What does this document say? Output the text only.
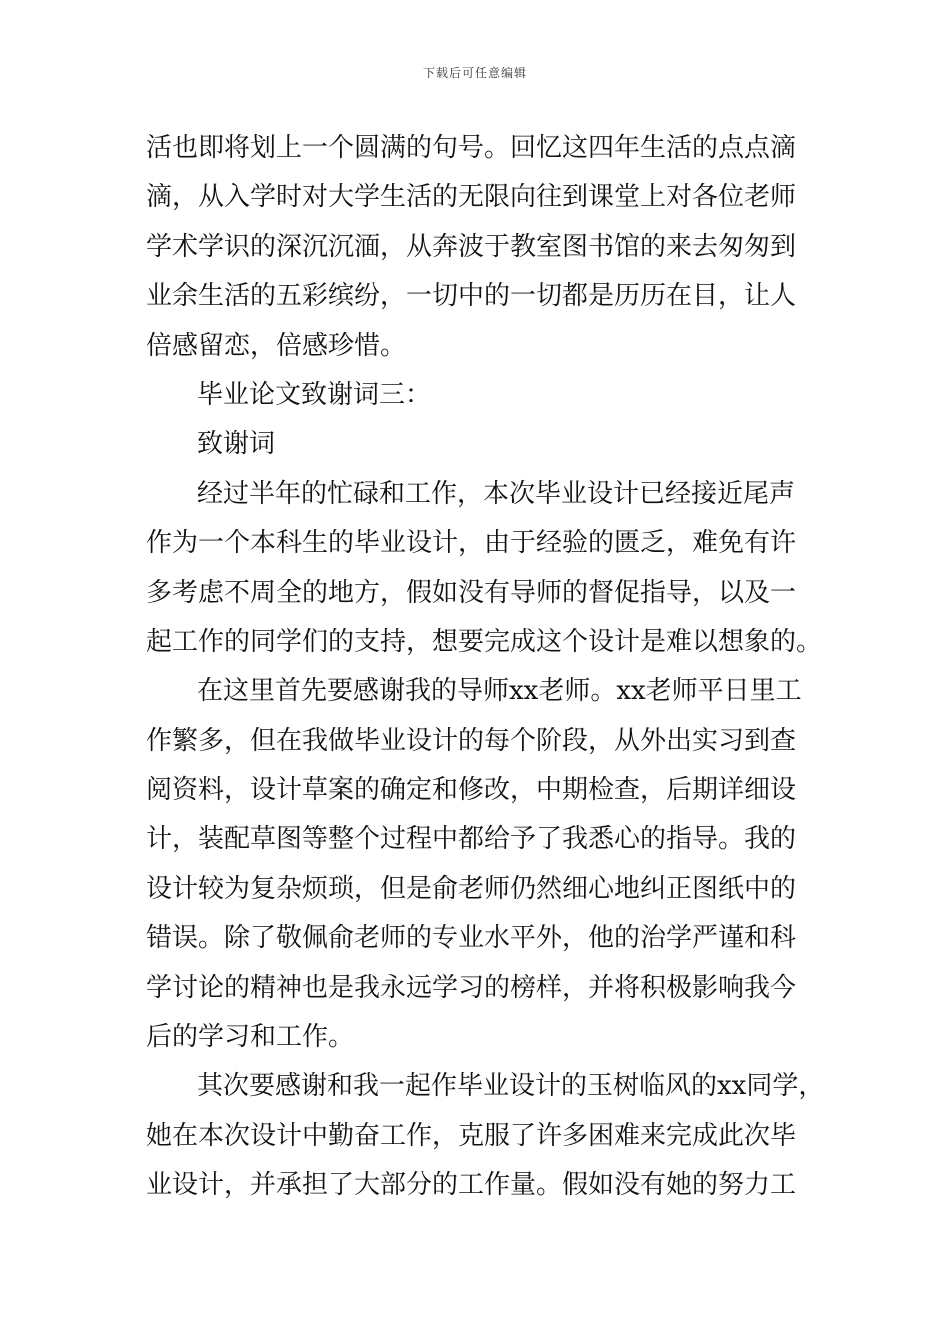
下载后可任意编辑
活也即将划上一个圆满的句号。回忆这四年生活的点点滴
滴，从入学时对大学生活的无限向往到课堂上对各位老师
学术学识的深沉沉湎，从奔波于教室图书馆的来去匆匆到
业余生活的五彩缤纷，一切中的一切都是历历在目，让人
倍感留恋，倍感珍惜。
毕业论文致谢词三：
致谢词
经过半年的忙碌和工作，本次毕业设计已经接近尾声
作为一个本科生的毕业设计，由于经验的匮乏，难免有许
多考虑不周全的地方，假如没有导师的督促指导，以及一
起工作的同学们的支持，想要完成这个设计是难以想象的。
在这里首先要感谢我的导师xx老师。xx老师平日里工
作繁多，但在我做毕业设计的每个阶段，从外出实习到查
阅资料，设计草案的确定和修改，中期检查，后期详细设
计，装配草图等整个过程中都给予了我悉心的指导。我的
设计较为复杂烦琐，但是俞老师仍然细心地纠正图纸中的
错误。除了敬佩俞老师的专业水平外，他的治学严谨和科
学讨论的精神也是我永远学习的榜样，并将积极影响我今
后的学习和工作。
其次要感谢和我一起作毕业设计的玉树临风的xx同学，
她在本次设计中勤奋工作，克服了许多困难来完成此次毕
业设计，并承担了大部分的工作量。假如没有她的努力工
